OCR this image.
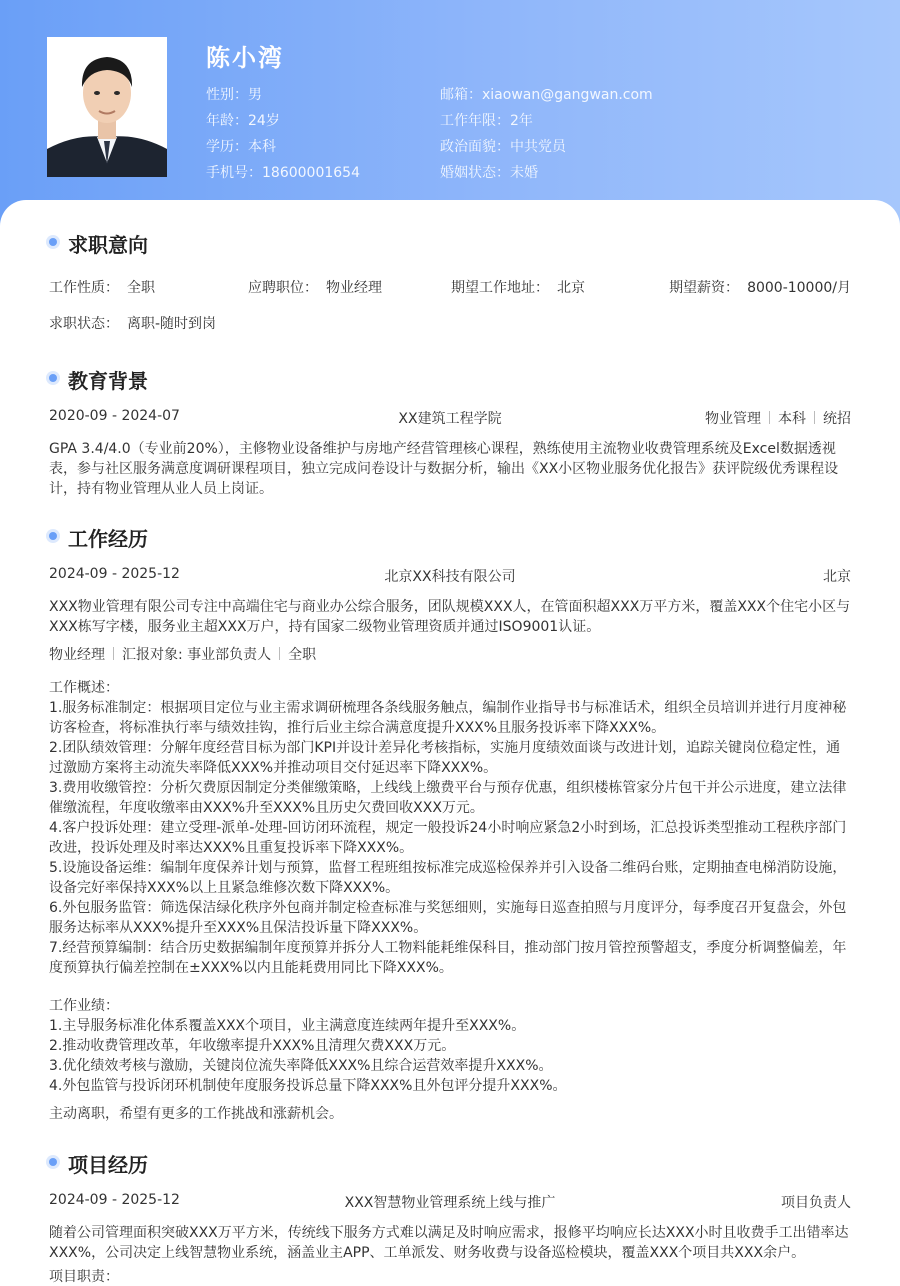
陈小湾
性别：男	邮箱：xiaowan@gangwan.com
年龄：24岁	工作年限：2年
学历：本科	政治面貌：中共党员
手机号：18600001654	婚姻状态：未婚
求职意向
工作性质： 全职	应聘职位： 物业经理	期望工作地址： 北京	期望薪资： 8000-10000/月
求职状态： 离职-随时到岗
教育背景
2020-09 - 2024-07	XX建筑工程学院	物业管理 本科 统招
GPA 3.4/4.0（专业前20%），主修物业设备维护与房地产经营管理核心课程，熟练使用主流物业收费管理系统及Excel数据透视
表，参与社区服务满意度调研课程项目，独立完成问卷设计与数据分析，输出《XX小区物业服务优化报告》获评院级优秀课程设
计，持有物业管理从业人员上岗证。
工作经历
2024-09 - 2025-12	北京XX科技有限公司	北京
XXX物业管理有限公司专注中高端住宅与商业办公综合服务，团队规模XXX人，在管面积超XXX万平方米，覆盖XXX个住宅小区与
XXX栋写字楼，服务业主超XXX万户，持有国家二级物业管理资质并通过ISO9001认证。
物业经理 汇报对象: 事业部负责人 全职
工作概述：
1.服务标准制定：根据项目定位与业主需求调研梳理各条线服务触点，编制作业指导书与标准话术，组织全员培训并进行月度神秘
访客检查，将标准执行率与绩效挂钩，推行后业主综合满意度提升XXX%且服务投诉率下降XXX%。
2.团队绩效管理：分解年度经营目标为部门KPI并设计差异化考核指标，实施月度绩效面谈与改进计划，追踪关键岗位稳定性，通
过激励方案将主动流失率降低XXX%并推动项目交付延迟率下降XXX%。
3.费用收缴管控：分析欠费原因制定分类催缴策略，上线线上缴费平台与预存优惠，组织楼栋管家分片包干并公示进度，建立法律
催缴流程，年度收缴率由XXX%升至XXX%且历史欠费回收XXX万元。
4.客户投诉处理：建立受理-派单-处理-回访闭环流程，规定一般投诉24小时响应紧急2小时到场，汇总投诉类型推动工程秩序部门
改进，投诉处理及时率达XXX%且重复投诉率下降XXX%。
5.设施设备运维：编制年度保养计划与预算，监督工程班组按标准完成巡检保养并引入设备二维码台账，定期抽查电梯消防设施，
设备完好率保持XXX%以上且紧急维修次数下降XXX%。
6.外包服务监管：筛选保洁绿化秩序外包商并制定检查标准与奖惩细则，实施每日巡查拍照与月度评分，每季度召开复盘会，外包
服务达标率从XXX%提升至XXX%且保洁投诉量下降XXX%。
7.经营预算编制：结合历史数据编制年度预算并拆分人工物料能耗维保科目，推动部门按月管控预警超支，季度分析调整偏差，年
度预算执行偏差控制在±XXX%以内且能耗费用同比下降XXX%。
工作业绩：
1.主导服务标准化体系覆盖XXX个项目，业主满意度连续两年提升至XXX%。
2.推动收费管理改革，年收缴率提升XXX%且清理欠费XXX万元。
3.优化绩效考核与激励，关键岗位流失率降低XXX%且综合运营效率提升XXX%。
4.外包监管与投诉闭环机制使年度服务投诉总量下降XXX%且外包评分提升XXX%。
主动离职，希望有更多的工作挑战和涨薪机会。
项目经历
2024-09 - 2025-12	XXX智慧物业管理系统上线与推广	项目负责人
随着公司管理面积突破XXX万平方米，传统线下服务方式难以满足及时响应需求，报修平均响应长达XXX小时且收费手工出错率达
XXX%，公司决定上线智慧物业系统，涵盖业主APP、工单派发、财务收费与设备巡检模块，覆盖XXX个项目共XXX余户。
项目职责：
